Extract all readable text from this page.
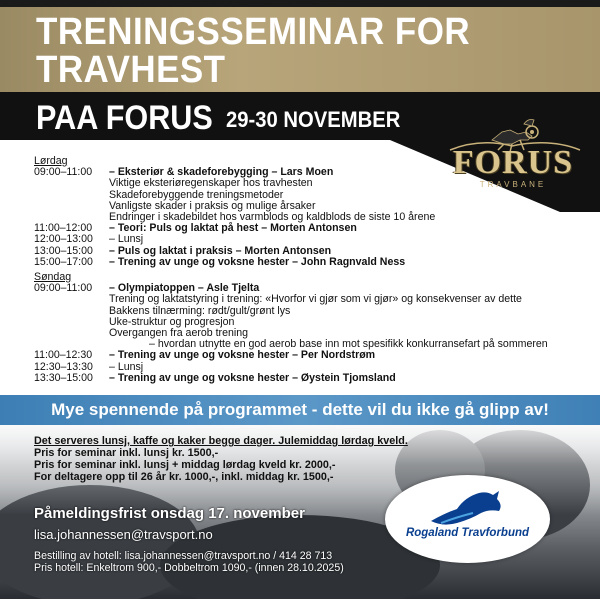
TRENINGSSEMINAR FOR
TRAVHEST
PAA FORUS 29-30 NOVEMBER
FORUS
TRAVBANE
Lørdag
09:00–11:00	– Eksteriør & skadeforebygging – Lars Moen
Viktige eksteriøregenskaper hos travhesten
Skadeforebyggende treningsmetoder
Vanligste skader i praksis og mulige årsaker
Endringer i skadebildet hos varmblods og kaldblods de siste 10 årene
11:00–12:00	– Teori: Puls og laktat på hest – Morten Antonsen
12:00–13:00	– Lunsj
13:00–15:00	– Puls og laktat i praksis – Morten Antonsen
15:00–17:00	– Trening av unge og voksne hester – John Ragnvald Ness
Søndag
09:00–11:00	– Olympiatoppen – Asle Tjelta
Trening og laktatstyring i trening: «Hvorfor vi gjør som vi gjør» og konsekvenser av dette
Bakkens tilnærming: rødt/gult/grønt lys
Uke-struktur og progresjon
Overgangen fra aerob trening
– hvordan utnytte en god aerob base inn mot spesifikk konkurransefart på sommeren
11:00–12:30	– Trening av unge og voksne hester – Per Nordstrøm
12:30–13:30	– Lunsj
13:30–15:00	– Trening av unge og voksne hester – Øystein Tjomsland
Mye spennende på programmet - dette vil du ikke gå glipp av!
Det serveres lunsj, kaffe og kaker begge dager. Julemiddag lørdag kveld.
Pris for seminar inkl. lunsj kr. 1500,-
Pris for seminar inkl. lunsj + middag lørdag kveld kr. 2000,-
For deltagere opp til 26 år kr. 1000,-, inkl. middag kr. 1500,-
Påmeldingsfrist onsdag 17. november
lisa.johannessen@travsport.no
Bestilling av hotell: lisa.johannessen@travsport.no / 414 28 713
Pris hotell: Enkeltrom 900,- Dobbeltrom 1090,- (innen 28.10.2025)
Rogaland Travforbund
